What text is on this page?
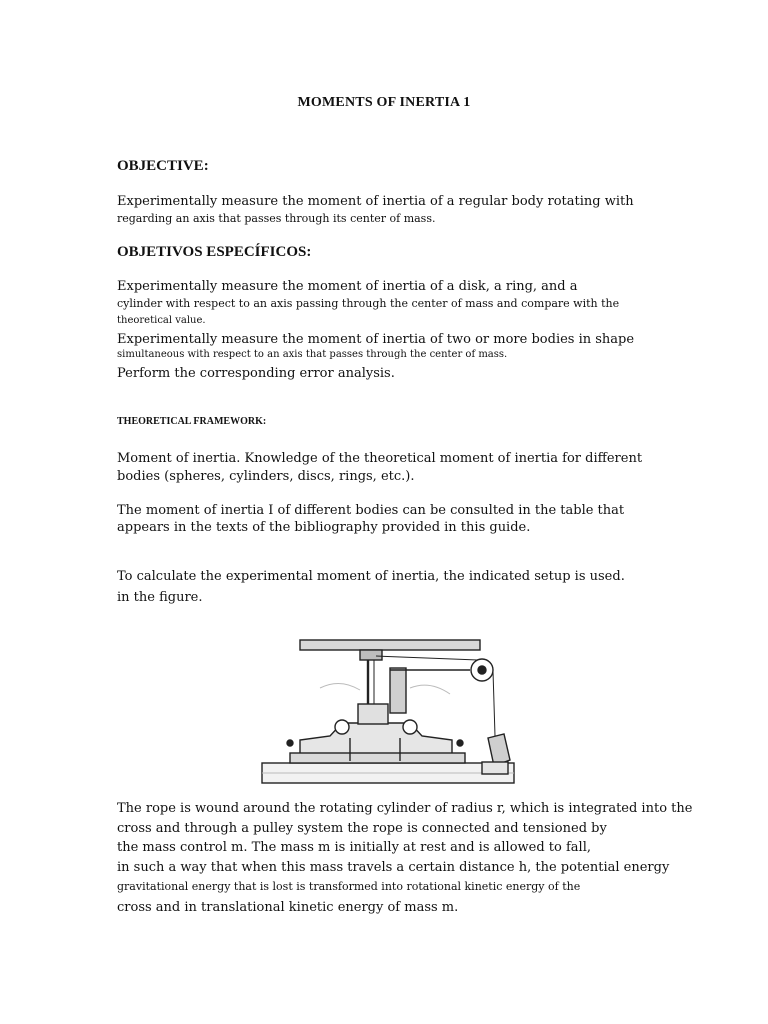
MOMENTS OF INERTIA 1
OBJECTIVE:
Experimentally measure the moment of inertia of a regular body rotating with
regarding an axis that passes through its center of mass.
OBJETIVOS ESPECÍFICOS:
Experimentally measure the moment of inertia of a disk, a ring, and a
cylinder with respect to an axis passing through the center of mass and compare with the
theoretical value.
Experimentally measure the moment of inertia of two or more bodies in shape
simultaneous with respect to an axis that passes through the center of mass.
Perform the corresponding error analysis.
THEORETICAL FRAMEWORK:
Moment of inertia. Knowledge of the theoretical moment of inertia for different
bodies (spheres, cylinders, discs, rings, etc.).
The moment of inertia I of different bodies can be consulted in the table that
appears in the texts of the bibliography provided in this guide.
To calculate the experimental moment of inertia, the indicated setup is used.
in the figure.
The rope is wound around the rotating cylinder of radius r, which is integrated into the
cross and through a pulley system the rope is connected and tensioned by
the mass control m. The mass m is initially at rest and is allowed to fall,
in such a way that when this mass travels a certain distance h, the potential energy
gravitational energy that is lost is transformed into rotational kinetic energy of the
cross and in translational kinetic energy of mass m.
